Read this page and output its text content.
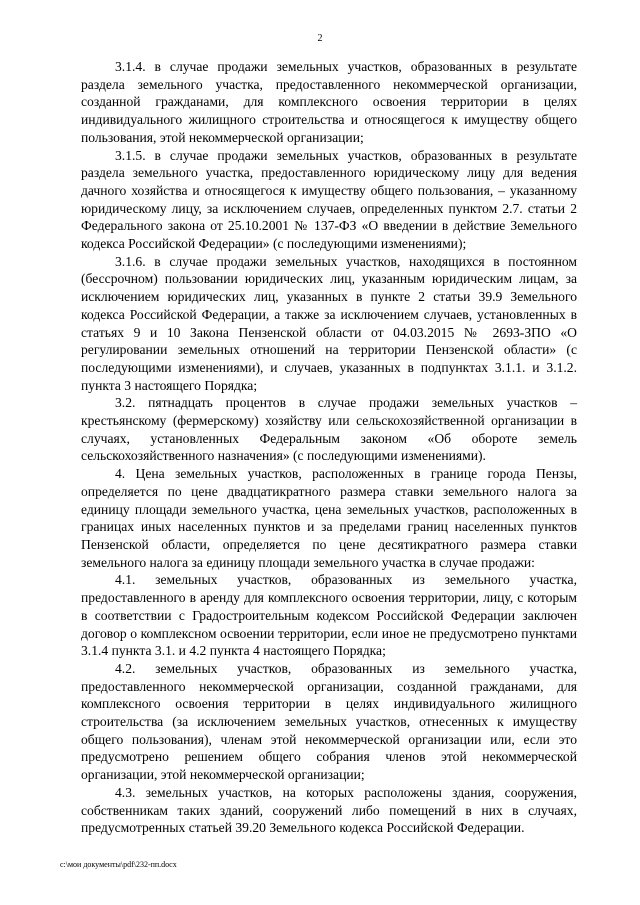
2

3.1.4. в случае продажи земельных участков, образованных в результате раздела земельного участка, предоставленного некоммерческой организации, созданной гражданами, для комплексного освоения территории в целях индивидуального жилищного строительства и относящегося к имуществу общего пользования, этой некоммерческой организации;

3.1.5. в случае продажи земельных участков, образованных в результате раздела земельного участка, предоставленного юридическому лицу для ведения дачного хозяйства и относящегося к имуществу общего пользования, – указанному юридическому лицу, за исключением случаев, определенных пунктом 2.7. статьи 2 Федерального закона от 25.10.2001 № 137-ФЗ «О введении в действие Земельного кодекса Российской Федерации» (с последующими изменениями);

3.1.6. в случае продажи земельных участков, находящихся в постоянном (бессрочном) пользовании юридических лиц, указанным юридическим лицам, за исключением юридических лиц, указанных в пункте 2 статьи 39.9 Земельного кодекса Российской Федерации, а также за исключением случаев, установленных в статьях 9 и 10 Закона Пензенской области от 04.03.2015 № 2693-ЗПО «О регулировании земельных отношений на территории Пензенской области» (с последующими изменениями), и случаев, указанных в подпунктах 3.1.1. и 3.1.2. пункта 3 настоящего Порядка;

3.2. пятнадцать процентов в случае продажи земельных участков – крестьянскому (фермерскому) хозяйству или сельскохозяйственной организации в случаях, установленных Федеральным законом «Об обороте земель сельскохозяйственного назначения» (с последующими изменениями).

4. Цена земельных участков, расположенных в границе города Пензы, определяется по цене двадцатикратного размера ставки земельного налога за единицу площади земельного участка, цена земельных участков, расположенных в границах иных населенных пунктов и за пределами границ населенных пунктов Пензенской области, определяется по цене десятикратного размера ставки земельного налога за единицу площади земельного участка в случае продажи:

4.1. земельных участков, образованных из земельного участка, предоставленного в аренду для комплексного освоения территории, лицу, с которым в соответствии с Градостроительным кодексом Российской Федерации заключен договор о комплексном освоении территории, если иное не предусмотрено пунктами 3.1.4 пункта 3.1. и 4.2 пункта 4 настоящего Порядка;

4.2. земельных участков, образованных из земельного участка, предоставленного некоммерческой организации, созданной гражданами, для комплексного освоения территории в целях индивидуального жилищного строительства (за исключением земельных участков, отнесенных к имуществу общего пользования), членам этой некоммерческой организации или, если это предусмотрено решением общего собрания членов этой некоммерческой организации, этой некоммерческой организации;

4.3. земельных участков, на которых расположены здания, сооружения, собственникам таких зданий, сооружений либо помещений в них в случаях, предусмотренных статьей 39.20 Земельного кодекса Российской Федерации.

c:\мои документы\pdf\232-пп.docx
